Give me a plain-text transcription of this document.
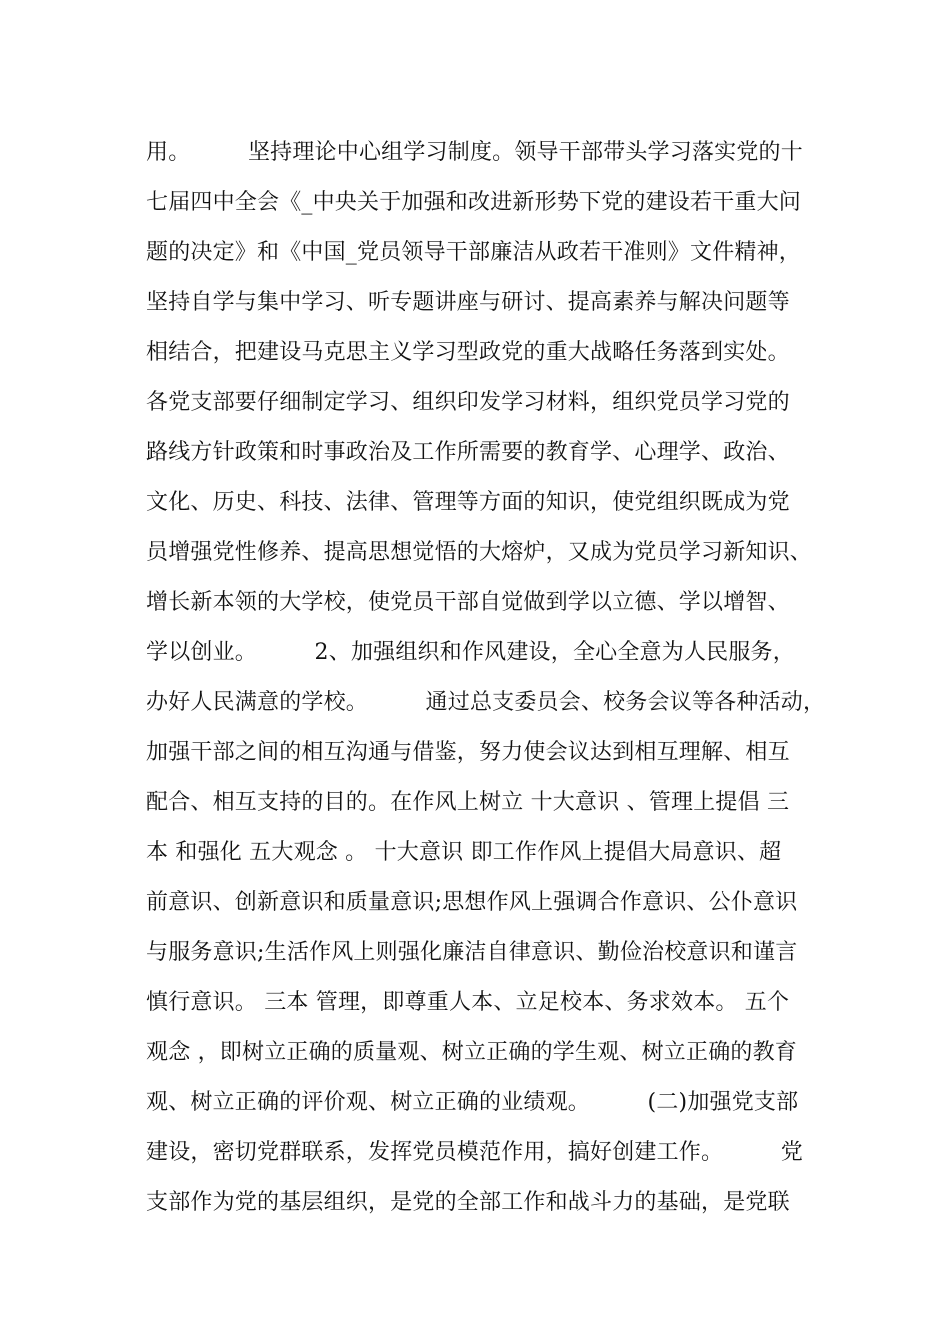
用。        坚持理论中心组学习制度。领导干部带头学习落实党的十
七届四中全会《_中央关于加强和改进新形势下党的建设若干重大问
题的决定》和《中国_党员领导干部廉洁从政若干准则》文件精神，
坚持自学与集中学习、听专题讲座与研讨、提高素养与解决问题等
相结合，把建设马克思主义学习型政党的重大战略任务落到实处。
各党支部要仔细制定学习、组织印发学习材料，组织党员学习党的
路线方针政策和时事政治及工作所需要的教育学、心理学、政治、
文化、历史、科技、法律、管理等方面的知识，使党组织既成为党
员增强党性修养、提高思想觉悟的大熔炉，又成为党员学习新知识、
增长新本领的大学校，使党员干部自觉做到学以立德、学以增智、
学以创业。        2、加强组织和作风建设，全心全意为人民服务，
办好人民满意的学校。        通过总支委员会、校务会议等各种活动，
加强干部之间的相互沟通与借鉴，努力使会议达到相互理解、相互
配合、相互支持的目的。在作风上树立 十大意识 、管理上提倡 三
本 和强化 五大观念 。 十大意识 即工作作风上提倡大局意识、超
前意识、创新意识和质量意识;思想作风上强调合作意识、公仆意识
与服务意识;生活作风上则强化廉洁自律意识、勤俭治校意识和谨言
慎行意识。 三本 管理，即尊重人本、立足校本、务求效本。 五个
观念 ，即树立正确的质量观、树立正确的学生观、树立正确的教育
观、树立正确的评价观、树立正确的业绩观。        (二)加强党支部
建设，密切党群联系，发挥党员模范作用，搞好创建工作。        党
支部作为党的基层组织，是党的全部工作和战斗力的基础，是党联
